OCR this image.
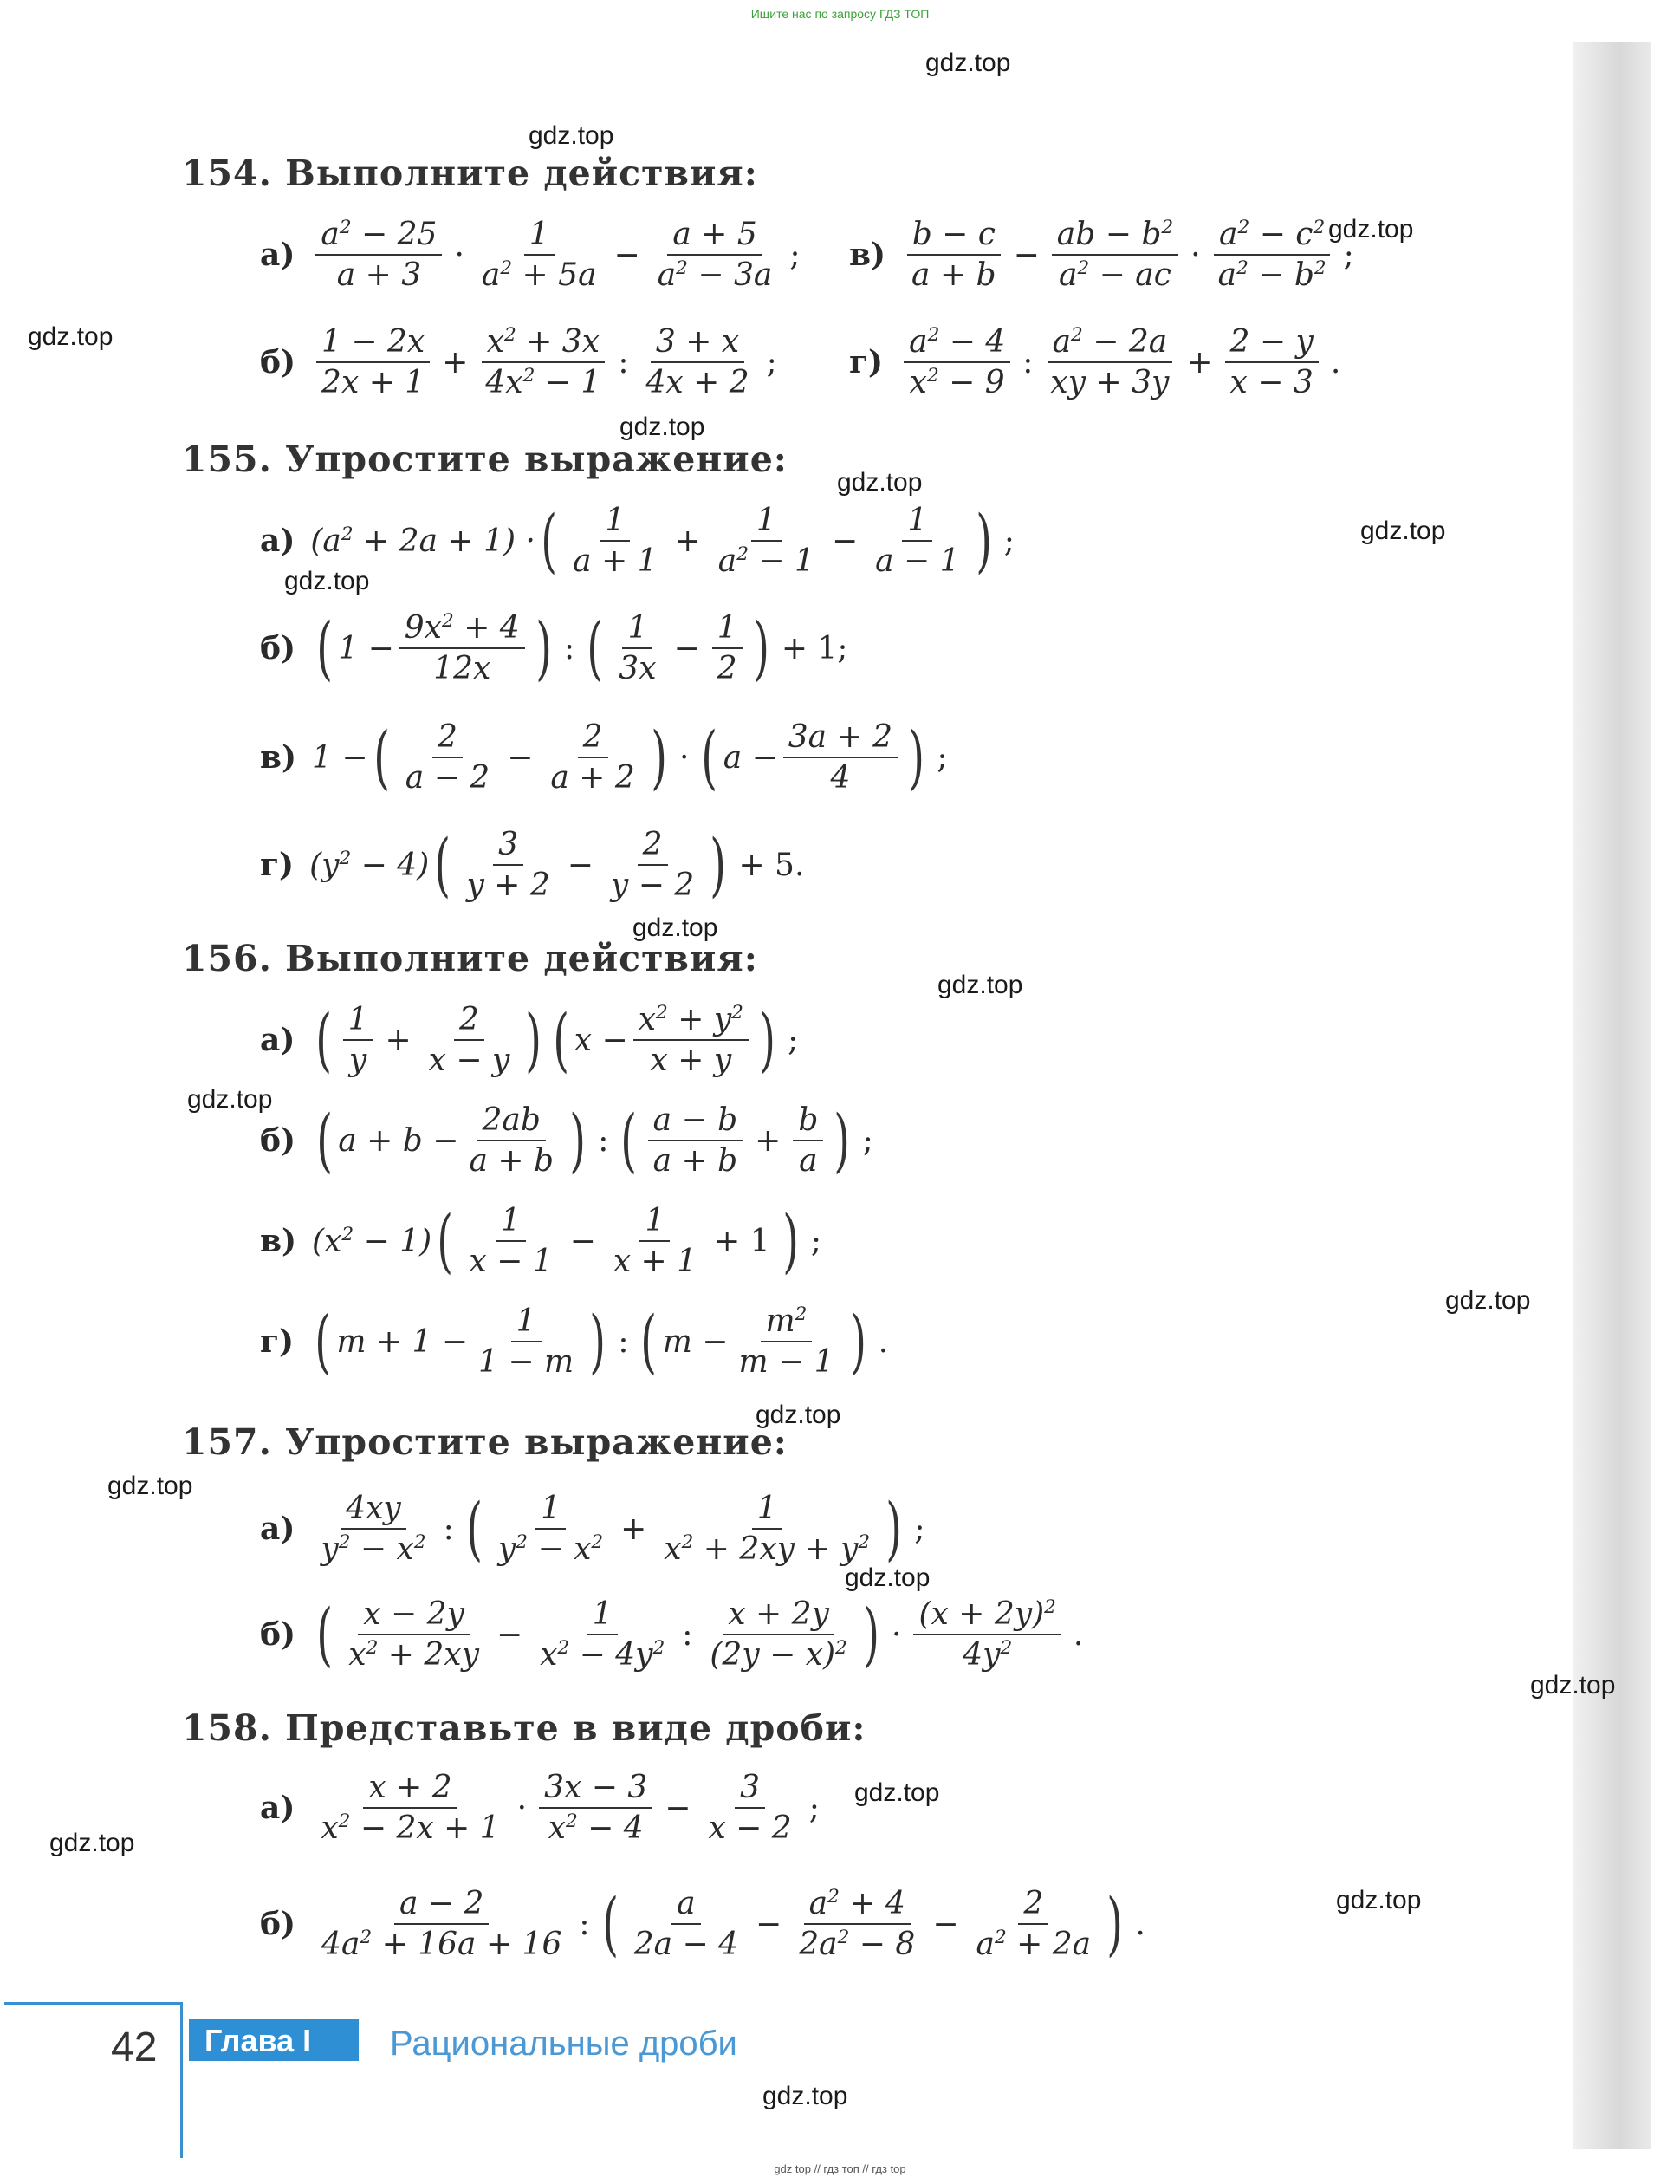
Ищите нас по запросу ГДЗ ТОП
gdz.top
gdz.top
gdz.top
gdz.top
gdz.top
gdz.top
gdz.top
gdz.top
gdz.top
gdz.top
gdz.top
gdz.top
gdz.top
gdz.top
gdz.top
gdz.top
gdz.top
gdz.top
gdz.top
gdz.top
154. Выполните действия:
$а) \frac{a^2 - 25}{a + 3} \cdot \frac{1}{a^2 + 5a} - \frac{a + 5}{a^2 - 3a}$ ; $в) \frac{b - c}{a + b} - \frac{ab - b^2}{a^2 - ac} \cdot \frac{a^2 - c^2}{a^2 - b^2}$ ;
$б) \frac{1 - 2x}{2x + 1} + \frac{x^2 + 3x}{4x^2 - 1}$ : $\frac{3 + x}{4x + 2}$ ; $г) \frac{a^2 - 4}{x^2 - 9}$ : $\frac{a^2 - 2a}{xy + 3y} + \frac{2 - y}{x - 3}$ .
155. Упростите выражение:
а) $(a^2 + 2a + 1)$ · ( $\frac{1}{a + 1} + \frac{1}{a^2 - 1} - \frac{1}{a - 1}$ ) ;
б) ( $1 - \frac{9x^2 + 4}{12x}$ ) : ( $\frac{1}{3x} - \frac{1}{2}$ ) + 1;
в) 1 − ( $\frac{2}{a - 2} - \frac{2}{a + 2}$ ) · ( $a - \frac{3a + 2}{4}$ ) ;
г) $(y^2 - 4)$ ( $\frac{3}{y + 2} - \frac{2}{y - 2}$ ) + 5.
156. Выполните действия:
а) ( $\frac{1}{y} + \frac{2}{x - y}$ ) ( $x - \frac{x^2 + y^2}{x + y}$ ) ;
б) ( $a + b - \frac{2ab}{a + b}$ ) : ( $\frac{a - b}{a + b} + \frac{b}{a}$ ) ;
в) $(x^2 - 1)$ ( $\frac{1}{x - 1} - \frac{1}{x + 1} + 1$ ) ;
г) ( $m + 1 - \frac{1}{1 - m}$ ) : ( $m - \frac{m^2}{m - 1}$ ) .
157. Упростите выражение:
$а) \frac{4xy}{y^2 - x^2}$ : ( $\frac{1}{y^2 - x^2} + \frac{1}{x^2 + 2xy + y^2}$ ) ;
б) ( $\frac{x - 2y}{x^2 + 2xy} - \frac{1}{x^2 - 4y^2}$ : $\frac{x + 2y}{(2y - x)^2}$ ) · $\frac{(x + 2y)^2}{4y^2}$ .
158. Представьте в виде дроби:
$а) \frac{x + 2}{x^2 - 2x + 1} \cdot \frac{3x - 3}{x^2 - 4} - \frac{3}{x - 2}$ ;
$б) \frac{a - 2}{4a^2 + 16a + 16}$ : ( $\frac{a}{2a - 4} - \frac{a^2 + 4}{2a^2 - 8} - \frac{2}{a^2 + 2a}$ ) .
42 Глава I Рациональные дроби
gdz top // гдз топ // гдз top
